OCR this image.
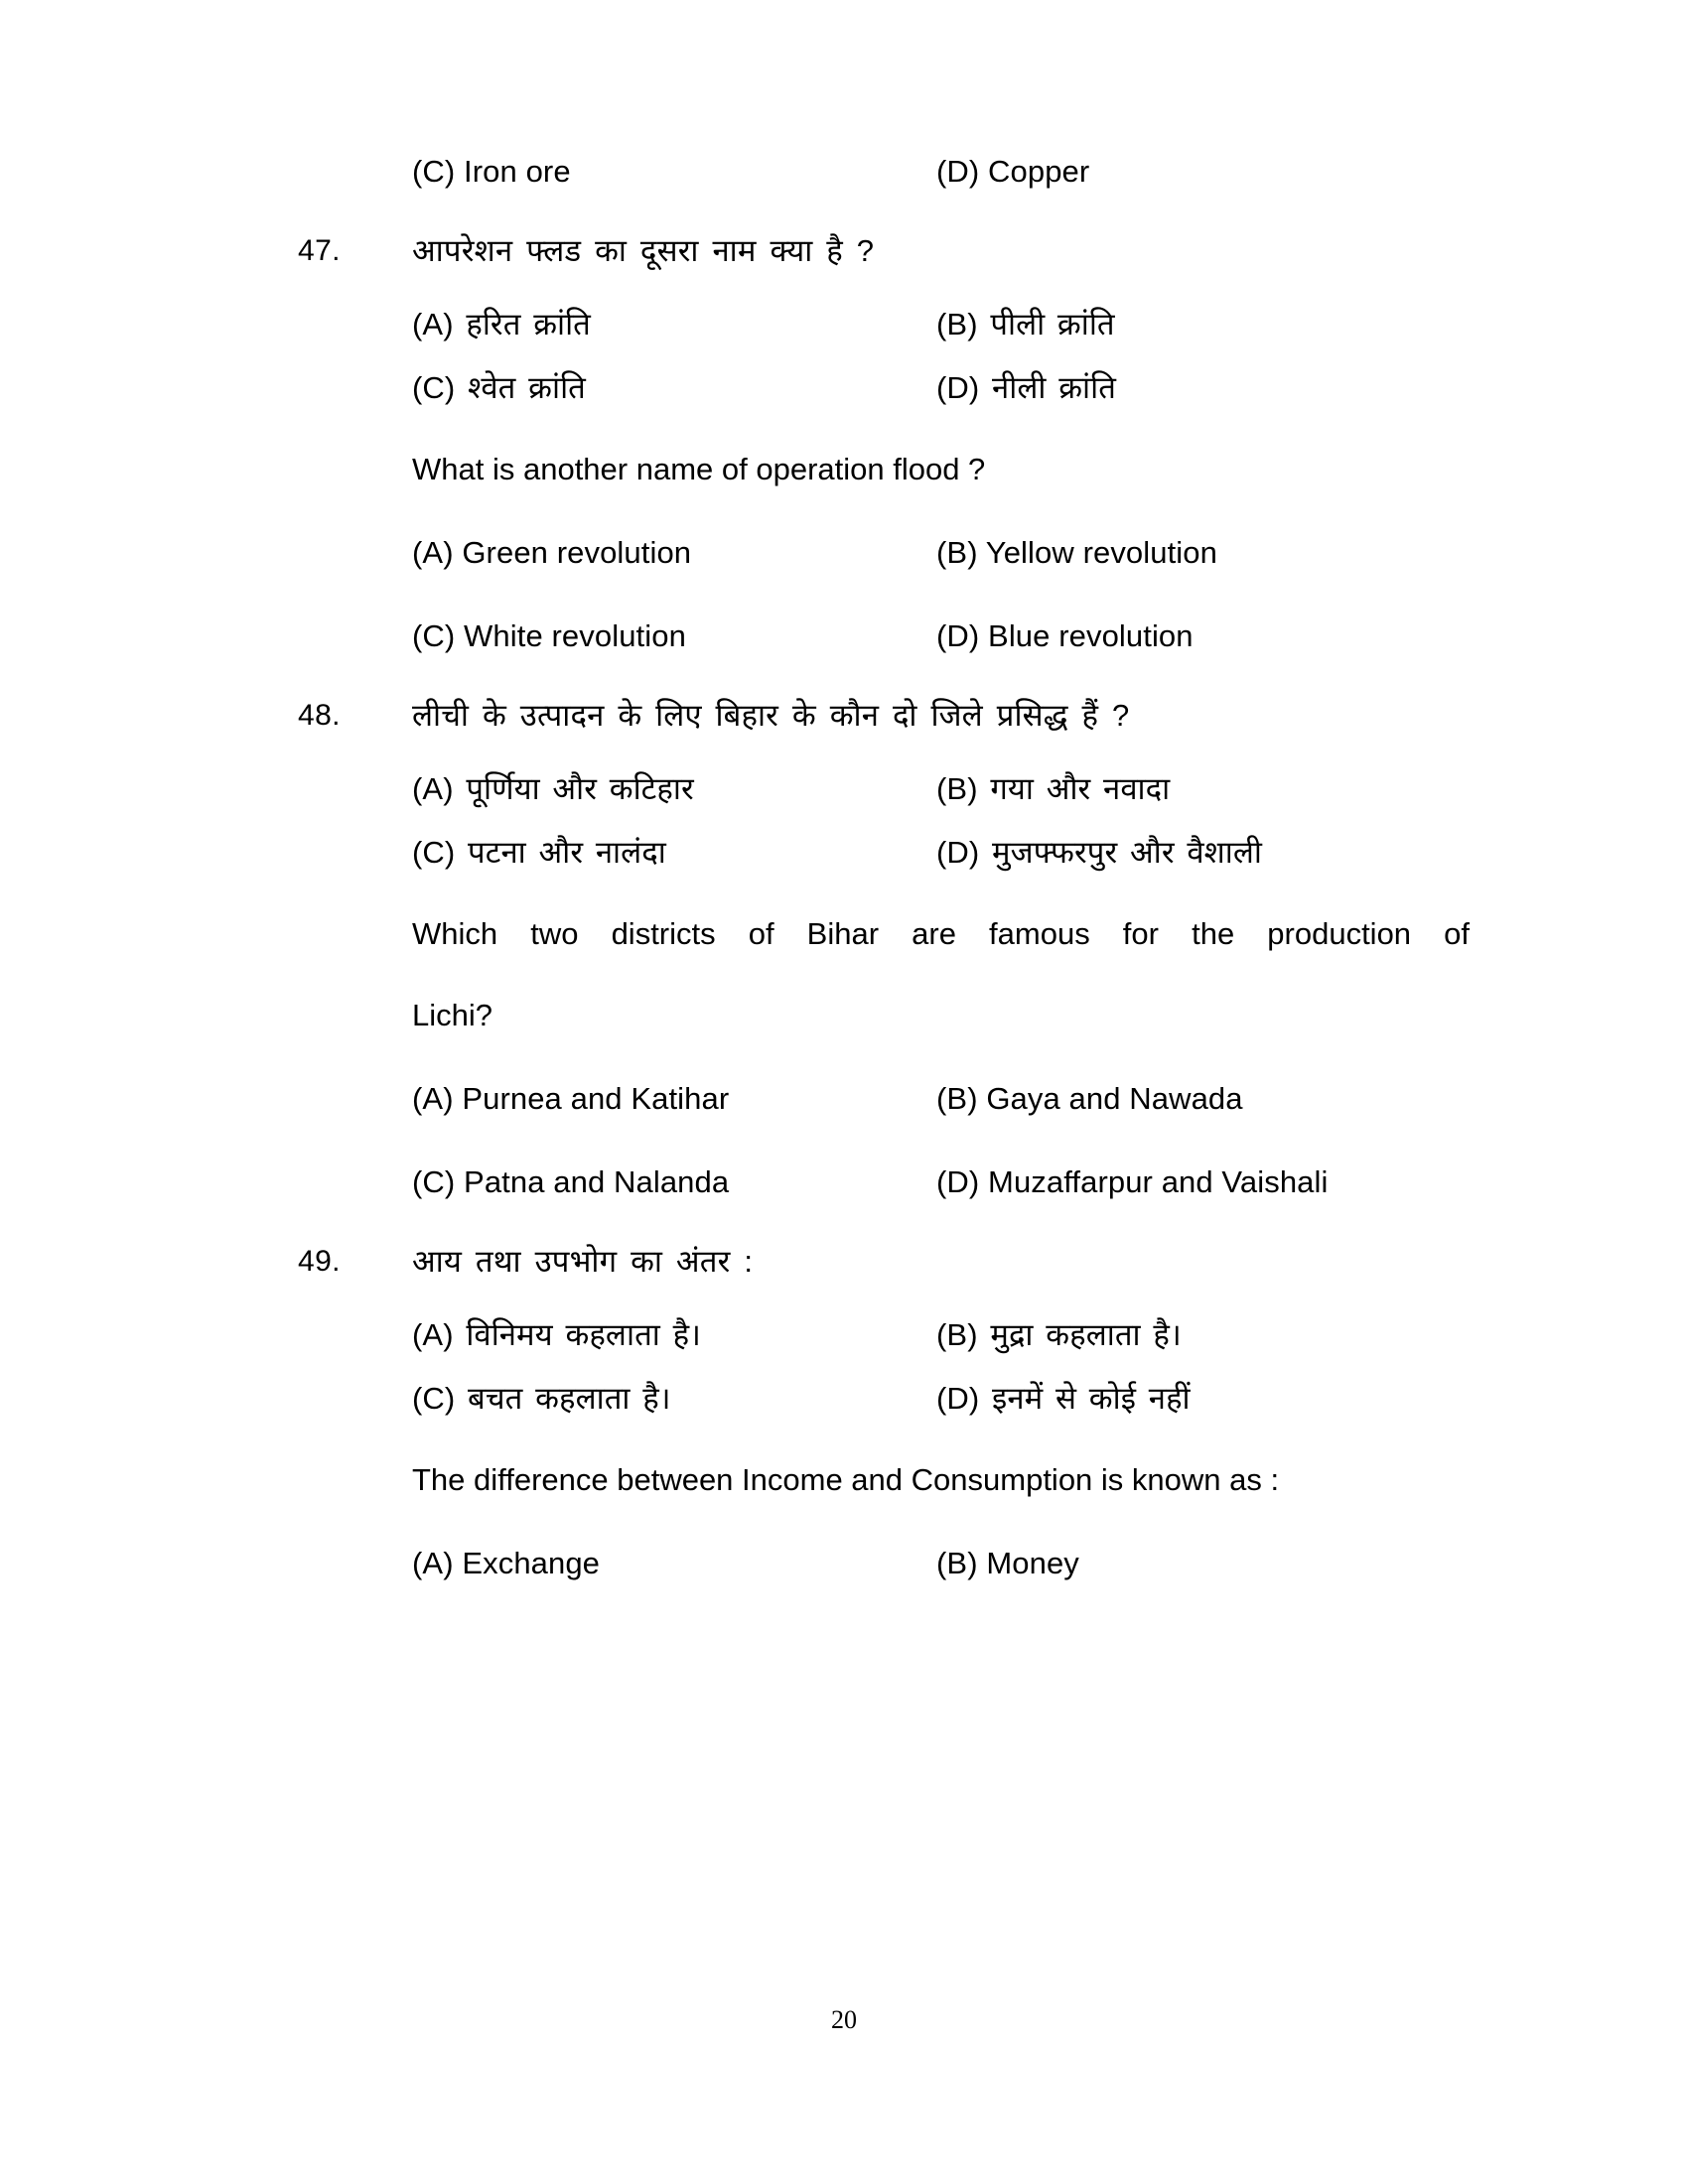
(C) Iron ore	(D) Copper
47.	आपरेशन फ्लड का दूसरा नाम क्या है ?
(A) हरित क्रांति	(B) पीली क्रांति
(C) श्वेत क्रांति	(D) नीली क्रांति
What is another name of operation flood ?
(A) Green revolution	(B) Yellow revolution
(C) White revolution	(D) Blue revolution
48.	लीची के उत्पादन के लिए बिहार के कौन दो जिले प्रसिद्ध हैं ?
(A) पूर्णिया और कटिहार	(B) गया और नवादा
(C) पटना और नालंदा	(D) मुजफ्फरपुर और वैशाली
Which two districts of Bihar are famous for the production of
Lichi?
(A) Purnea and Katihar	(B) Gaya and Nawada
(C) Patna and Nalanda	(D) Muzaffarpur and Vaishali
49.	आय तथा उपभोग का अंतर :
(A) विनिमय कहलाता है।	(B) मुद्रा कहलाता है।
(C) बचत कहलाता है।	(D) इनमें से कोई नहीं
The difference between Income and Consumption is known as :
(A) Exchange	(B) Money
20
